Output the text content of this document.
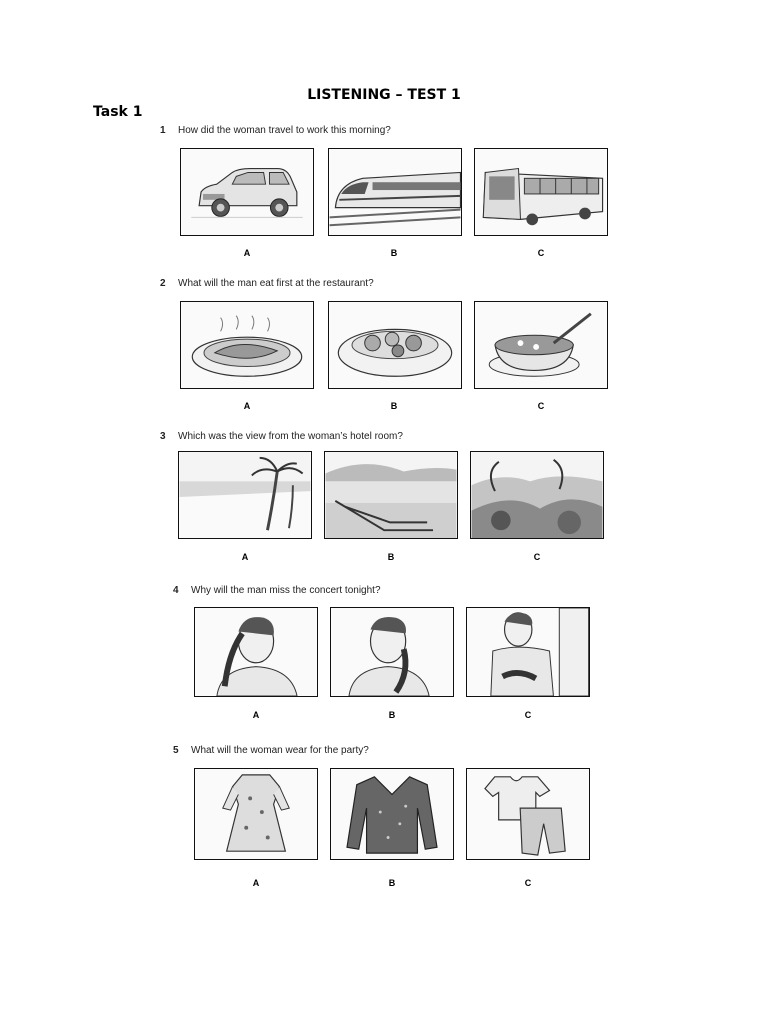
LISTENING – TEST 1
Task 1
1 How did the woman travel to work this morning?
A	B	C
2 What will the man eat first at the restaurant?
A	B	C
3 Which was the view from the woman’s hotel room?
A	B	C
4 Why will the man miss the concert tonight?
A	B	C
5 What will the woman wear for the party?
A	B	C
